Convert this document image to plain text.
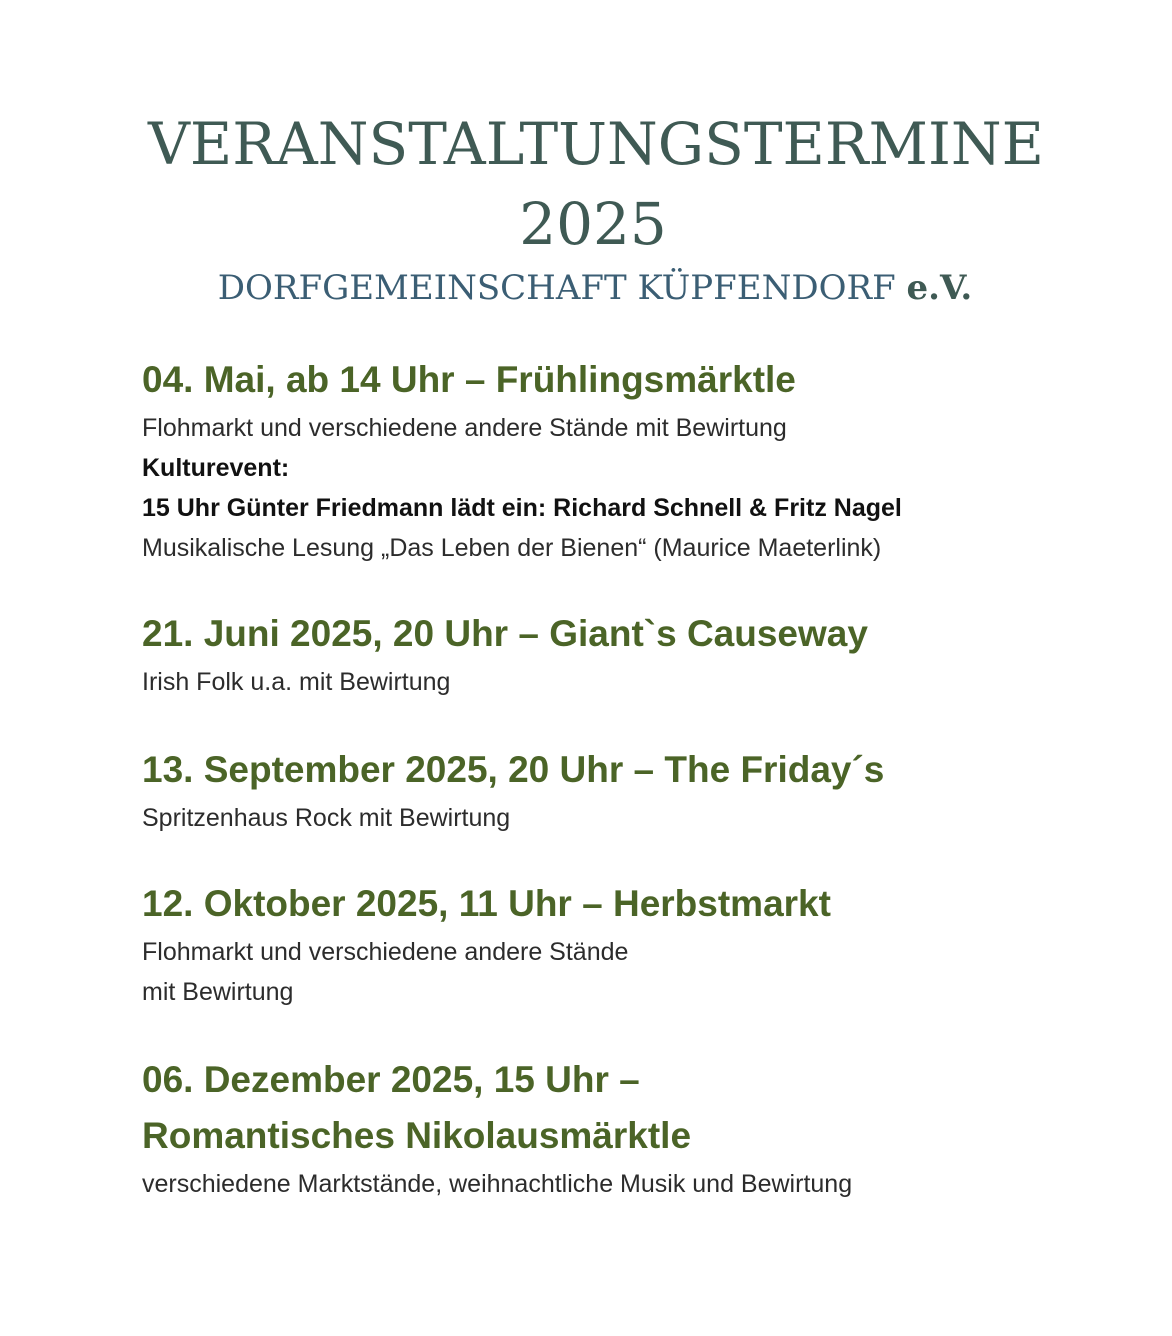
VERANSTALTUNGSTERMINE
2025
DORFGEMEINSCHAFT KÜPFENDORF e.V.
04. Mai, ab 14 Uhr – Frühlingsmärktle
Flohmarkt und verschiedene andere Stände mit Bewirtung
Kulturevent:
15 Uhr Günter Friedmann lädt ein: Richard Schnell & Fritz Nagel
Musikalische Lesung „Das Leben der Bienen“ (Maurice Maeterlink)
21. Juni 2025, 20 Uhr – Giant`s Causeway
Irish Folk u.a. mit Bewirtung
13. September 2025, 20 Uhr – The Friday´s
Spritzenhaus Rock mit Bewirtung
12. Oktober 2025, 11 Uhr – Herbstmarkt
Flohmarkt und verschiedene andere Stände
mit Bewirtung
06. Dezember 2025, 15 Uhr –
Romantisches Nikolausmärktle
verschiedene Marktstände, weihnachtliche Musik und Bewirtung
